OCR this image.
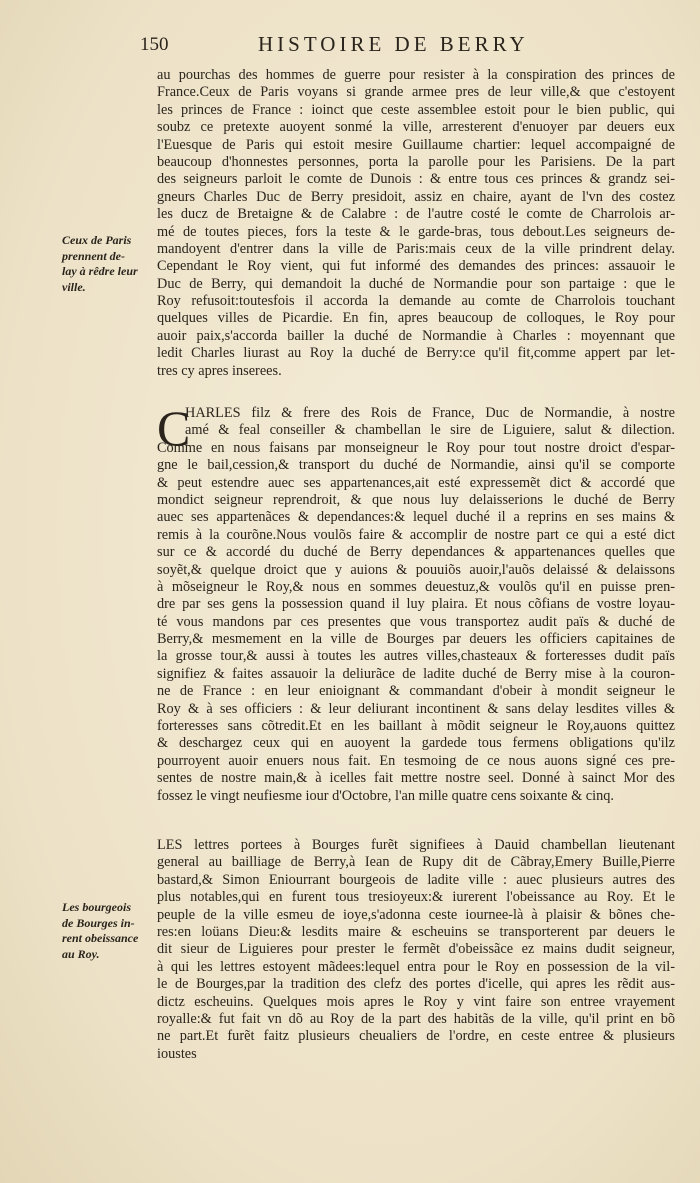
150	HISTOIRE DE BERRY
Ceux de Paris
prennent de-
lay à rêdre leur
ville.
Les bourgeois
de Bourges in-
rent obeissance
au Roy.
au pourchas des hommes de guerre pour resister à la conspiration des princes de
France.Ceux de Paris voyans si grande armee pres de leur ville,& que c'estoyent
les princes de France : ioinct que ceste assemblee estoit pour le bien public, qui
soubz ce pretexte auoyent sonmé la ville, arresterent d'enuoyer par deuers eux
l'Euesque de Paris qui estoit mesire Guillaume chartier: lequel accompaigné de
beaucoup d'honnestes personnes, porta la parolle pour les Parisiens. De la part
des seigneurs parloit le comte de Dunois : & entre tous ces princes & grandz sei-
gneurs Charles Duc de Berry presidoit, assiz en chaire, ayant de l'vn des costez
les ducz de Bretaigne & de Calabre : de l'autre costé le comte de Charrolois ar-
mé de toutes pieces, fors la teste & le garde-bras, tous debout.Les seigneurs de-
mandoyent d'entrer dans la ville de Paris:mais ceux de la ville prindrent delay.
Cependant le Roy vient, qui fut informé des demandes des princes: assauoir le
Duc de Berry, qui demandoit la duché de Normandie pour son partaige : que le
Roy refusoit:toutesfois il accorda la demande au comte de Charrolois touchant
quelques villes de Picardie. En fin, apres beaucoup de colloques, le Roy pour
auoir paix,s'accorda bailler la duché de Normandie à Charles : moyennant que
ledit Charles liurast au Roy la duché de Berry:ce qu'il fit,comme appert par let-
tres cy apres inserees.
C
HARLES filz & frere des Rois de France, Duc de Normandie, à nostre
amé & feal conseiller & chambellan le sire de Liguiere, salut & dilection.
Comme en nous faisans par monseigneur le Roy pour tout nostre droict d'espar-
gne le bail,cession,& transport du duché de Normandie, ainsi qu'il se comporte
& peut estendre auec ses appartenances,ait esté expressemẽt dict & accordé que
mondict seigneur reprendroit, & que nous luy delaisserions le duché de Berry
auec ses appartenãces & dependances:& lequel duché il a reprins en ses mains &
remis à la courõne.Nous voulõs faire & accomplir de nostre part ce qui a esté dict
sur ce & accordé du duché de Berry dependances & appartenances quelles que
soyẽt,& quelque droict que y auions & pouuiõs auoir,l'auõs delaissé & delaissons
à mõseigneur le Roy,& nous en sommes deuestuz,& voulõs qu'il en puisse pren-
dre par ses gens la possession quand il luy plaira. Et nous cõfians de vostre loyau-
té vous mandons par ces presentes que vous transportez audit païs & duché de
Berry,& mesmement en la ville de Bourges par deuers les officiers capitaines de
la grosse tour,& aussi à toutes les autres villes,chasteaux & forteresses dudit païs
signifiez & faites assauoir la deliurãce de ladite duché de Berry mise à la couron-
ne de France : en leur enioignant & commandant d'obeir à mondit seigneur le
Roy & à ses officiers : & leur deliurant incontinent & sans delay lesdites villes &
forteresses sans cõtredit.Et en les baillant à mõdit seigneur le Roy,auons quittez
& deschargez ceux qui en auoyent la gardede tous fermens obligations qu'ilz
pourroyent auoir enuers nous fait. En tesmoing de ce nous auons signé ces pre-
sentes de nostre main,& à icelles fait mettre nostre seel. Donné à sainct Mor des
fossez le vingt neufiesme iour d'Octobre, l'an mille quatre cens soixante & cinq.
LES lettres portees à Bourges furẽt signifiees à Dauid chambellan lieutenant
general au bailliage de Berry,à Iean de Rupy dit de Cãbray,Emery Buille,Pierre
bastard,& Simon Eniourrant bourgeois de ladite ville : auec plusieurs autres des
plus notables,qui en furent tous tresioyeux:& iurerent l'obeissance au Roy. Et le
peuple de la ville esmeu de ioye,s'adonna ceste iournee-là à plaisir & bõnes che-
res:en loüans Dieu:& lesdits maire & escheuins se transporterent par deuers le
dit sieur de Liguieres pour prester le fermẽt d'obeissãce ez mains dudit seigneur,
à qui les lettres estoyent mãdees:lequel entra pour le Roy en possession de la vil-
le de Bourges,par la tradition des clefz des portes d'icelle, qui apres les rẽdit aus-
dictz escheuins. Quelques mois apres le Roy y vint faire son entree vrayement
royalle:& fut fait vn dõ au Roy de la part des habitãs de la ville, qu'il print en bõ
ne part.Et furẽt faitz plusieurs cheualiers de l'ordre, en ceste entree & plusieurs
ioustes
